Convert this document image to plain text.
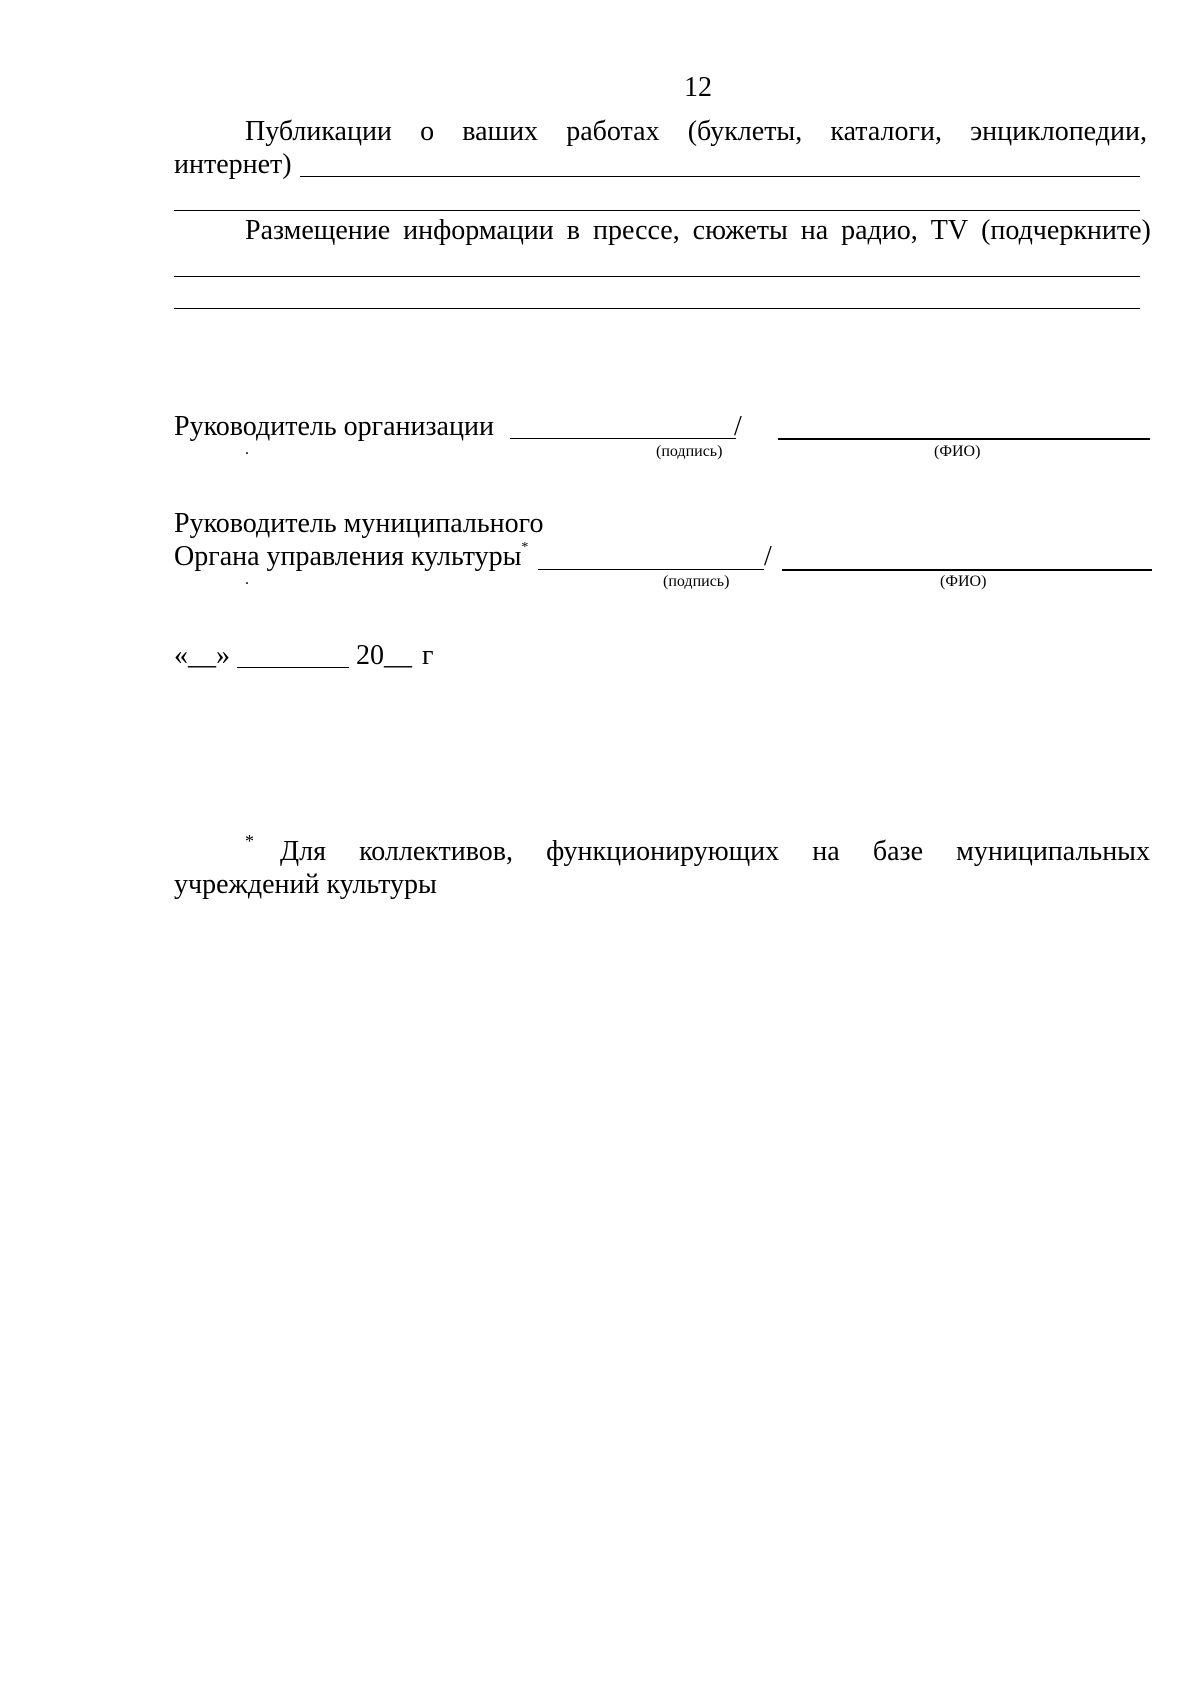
12
Публикации о ваших работах (буклеты, каталоги, энциклопедии,
интернет)
Размещение информации в прессе, сюжеты на радио, TV (подчеркните)
Руководитель организации	/
.	(подпись)	(ФИО)
Руководитель муниципального
Органа управления культуры*	/
.	(подпись)	(ФИО)
«__»	20__ г
* Для коллективов, функционирующих на базе муниципальных
учреждений культуры
